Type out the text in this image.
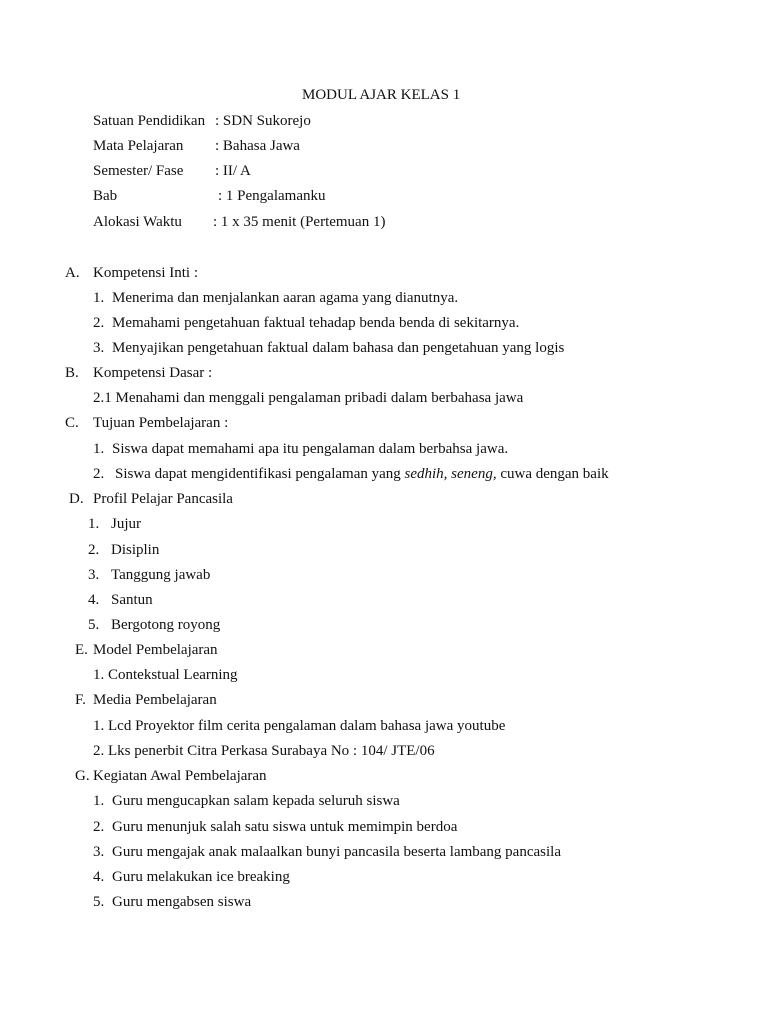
MODUL AJAR KELAS 1
Satuan Pendidikan : SDN Sukorejo
Mata Pelajaran : Bahasa Jawa
Semester/ Fase : II/ A
Bab	: 1 Pengalamanku
Alokasi Waktu : 1 x 35 menit (Pertemuan 1)
A. Kompetensi Inti :
1. Menerima dan menjalankan aaran agama yang dianutnya.
2. Memahami pengetahuan faktual tehadap benda benda di sekitarnya.
3. Menyajikan pengetahuan faktual dalam bahasa dan pengetahuan yang logis
B. Kompetensi Dasar :
2.1 Menahami dan menggali pengalaman pribadi dalam berbahasa jawa
C. Tujuan Pembelajaran :
1. Siswa dapat memahami apa itu pengalaman dalam berbahsa jawa.
2. Siswa dapat mengidentifikasi pengalaman yang sedhih, seneng, cuwa dengan baik
D. Profil Pelajar Pancasila
1. Jujur
2. Disiplin
3. Tanggung jawab
4. Santun
5. Bergotong royong
E. Model Pembelajaran
1. Contekstual Learning
F. Media Pembelajaran
1. Lcd Proyektor film cerita pengalaman dalam bahasa jawa youtube
2. Lks penerbit Citra Perkasa Surabaya No : 104/ JTE/06
G. Kegiatan Awal Pembelajaran
1. Guru mengucapkan salam kepada seluruh siswa
2. Guru menunjuk salah satu siswa untuk memimpin berdoa
3. Guru mengajak anak malaalkan bunyi pancasila beserta lambang pancasila
4. Guru melakukan ice breaking
5. Guru mengabsen siswa
